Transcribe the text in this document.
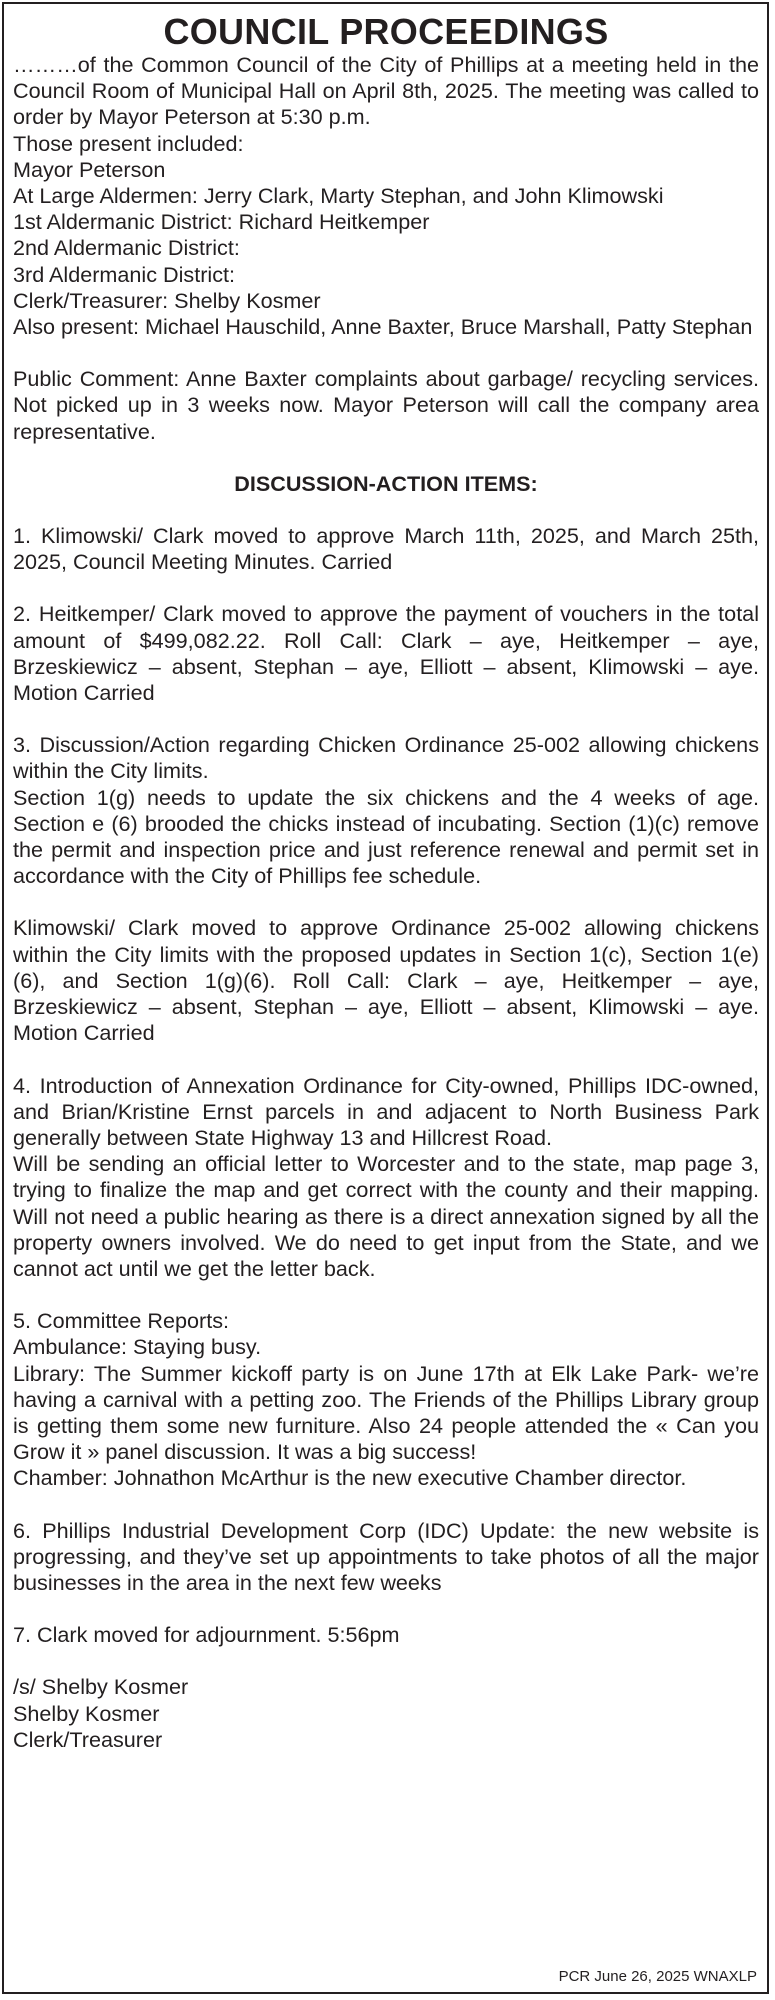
COUNCIL PROCEEDINGS

………of the Common Council of the City of Phillips at a meeting held in the Council Room of Municipal Hall on April 8th, 2025. The meeting was called to order by Mayor Peterson at 5:30 p.m.

Those present included:
Mayor Peterson

At Large Aldermen: Jerry Clark, Marty Stephan, and John Klimowski

1st Aldermanic District: Richard Heitkemper
2nd Aldermanic District:
3rd Aldermanic District:
Clerk/Treasurer: Shelby Kosmer

Also present: Michael Hauschild, Anne Baxter, Bruce Marshall, Patty Stephan

Public Comment: Anne Baxter complaints about garbage/ recycling services. Not picked up in 3 weeks now. Mayor Peterson will call the company area representative.

DISCUSSION-ACTION ITEMS:

1. Klimowski/ Clark moved to approve March 11th, 2025, and March 25th, 2025, Council Meeting Minutes. Carried

2. Heitkemper/ Clark moved to approve the payment of vouchers in the total amount of $499,082.22. Roll Call: Clark – aye, Heitkemper – aye, Brzeskiewicz – absent, Stephan – aye, Elliott – absent, Klimowski – aye. Motion Carried

3. Discussion/Action regarding Chicken Ordinance 25-002 allowing chickens within the City limits.

Section 1(g) needs to update the six chickens and the 4 weeks of age. Section e (6) brooded the chicks instead of incubating. Section (1)(c) remove the permit and inspection price and just reference renewal and permit set in accordance with the City of Phillips fee schedule.

Klimowski/ Clark moved to approve Ordinance 25-002 allowing chickens within the City limits with the proposed updates in Section 1(c), Section 1(e)(6), and Section 1(g)(6). Roll Call: Clark – aye, Heitkemper – aye, Brzeskiewicz – absent, Stephan – aye, Elliott – absent, Klimowski – aye. Motion Carried

4. Introduction of Annexation Ordinance for City-owned, Phillips IDC-owned, and Brian/Kristine Ernst parcels in and adjacent to North Business Park generally between State Highway 13 and Hillcrest Road.

Will be sending an official letter to Worcester and to the state, map page 3, trying to finalize the map and get correct with the county and their mapping. Will not need a public hearing as there is a direct annexation signed by all the property owners involved. We do need to get input from the State, and we cannot act until we get the letter back.

5. Committee Reports:
Ambulance: Staying busy.

Library: The Summer kickoff party is on June 17th at Elk Lake Park- we’re having a carnival with a petting zoo. The Friends of the Phillips Library group is getting them some new furniture. Also 24 people attended the « Can you Grow it » panel discussion. It was a big success!

Chamber: Johnathon McArthur is the new executive Chamber director.

6. Phillips Industrial Development Corp (IDC) Update: the new website is progressing, and they’ve set up appointments to take photos of all the major businesses in the area in the next few weeks

7. Clark moved for adjournment. 5:56pm

/s/ Shelby Kosmer
Shelby Kosmer
Clerk/Treasurer
PCR June 26, 2025 WNAXLP
